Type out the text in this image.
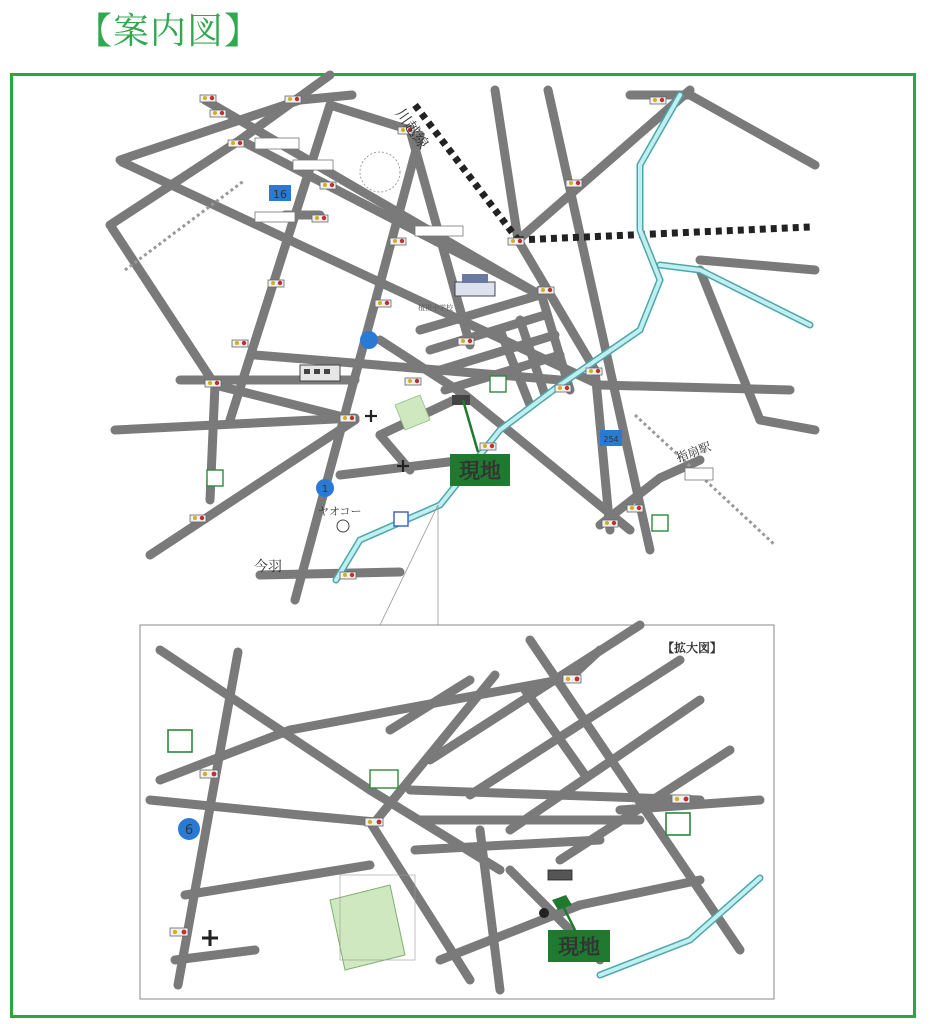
【案内図】
16
254
1
川越線
指扇駅
植田小学校
ヤオコー
今羽
現地
【拡大図】
6
現地
